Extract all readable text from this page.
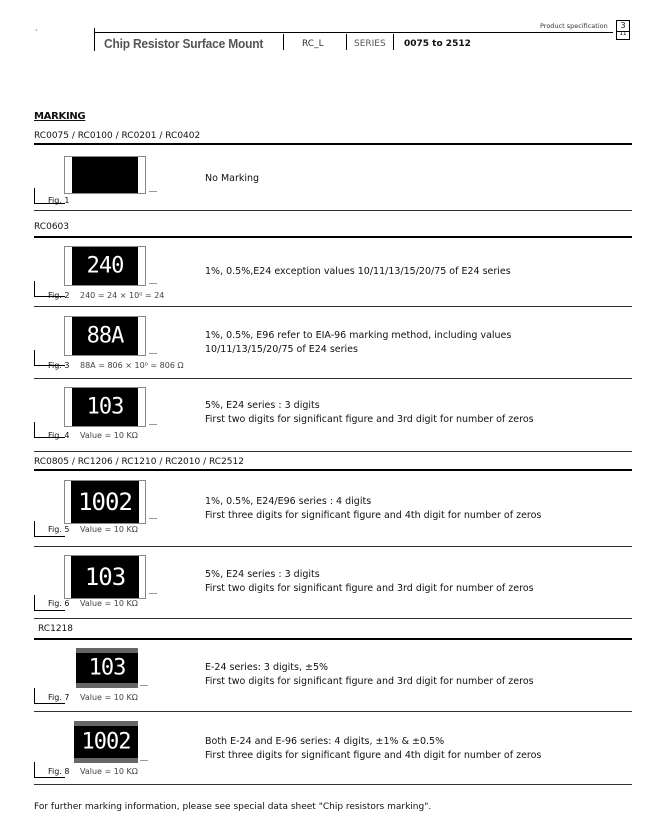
·	Product specification	3
11
Chip Resistor Surface Mount	RC_L	SERIES 0075 to 2512
MARKING
RC0075 / RC0100 / RC0201 / RC0402
Fig. 1
No Marking
RC0603
240
Fig. 2 240 = 24 × 10⁰ = 24
1%, 0.5%,E24 exception values 10/11/13/15/20/75 of E24 series
88A
Fig. 3 88A = 806 × 10⁰ = 806 Ω
1%, 0.5%, E96 refer to EIA-96 marking method, including values
10/11/13/15/20/75 of E24 series
103
Fig. 4 Value = 10 KΩ
5%, E24 series : 3 digits
First two digits for significant figure and 3rd digit for number of zeros
RC0805 / RC1206 / RC1210 / RC2010 / RC2512
1002
Fig. 5 Value = 10 KΩ
1%, 0.5%, E24/E96 series : 4 digits
First three digits for significant figure and 4th digit for number of zeros
103
Fig. 6 Value = 10 KΩ
5%, E24 series : 3 digits
First two digits for significant figure and 3rd digit for number of zeros
RC1218
103
Fig. 7 Value = 10 KΩ
E-24 series: 3 digits, ±5%
First two digits for significant figure and 3rd digit for number of zeros
1002
Fig. 8 Value = 10 KΩ
Both E-24 and E-96 series: 4 digits, ±1% & ±0.5%
First three digits for significant figure and 4th digit for number of zeros
For further marking information, please see special data sheet "Chip resistors marking".
